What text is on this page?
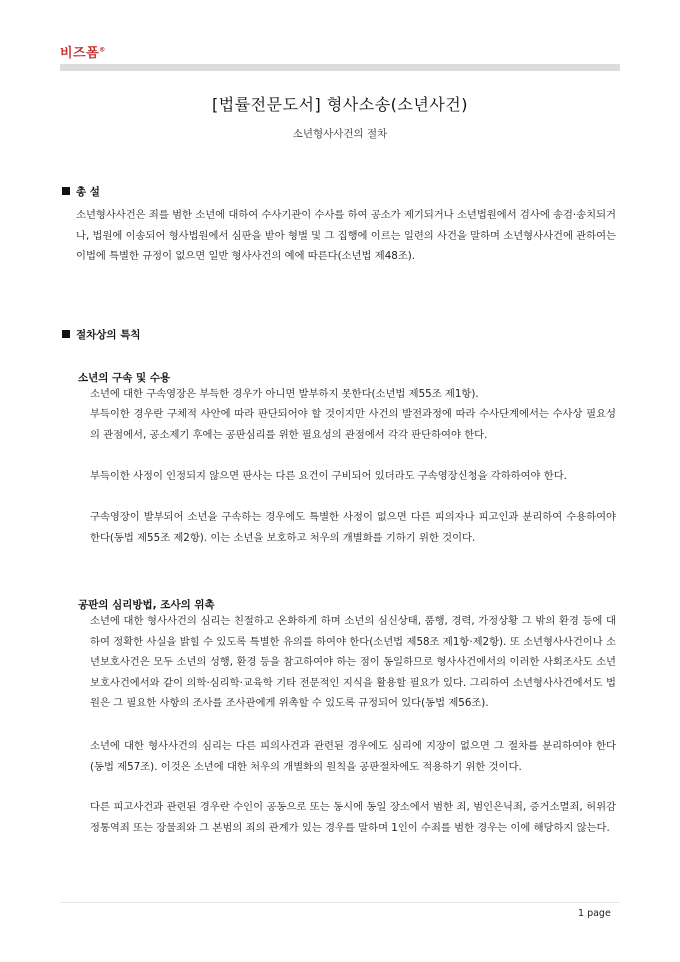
비즈폼®
[법률전문도서] 형사소송(소년사건)
소년형사사건의 절차
총 설
소년형사사건은 죄를 범한 소년에 대하여 수사기관이 수사를 하여 공소가 제기되거나 소년법원에서 검사에 송검·송치되거나, 법원에 이송되어 형사법원에서 심판을 받아 형벌 및 그 집행에 이르는 일련의 사건을 말하며 소년형사사건에 관하여는 이법에 특별한 규정이 없으면 일반 형사사건의 예에 따른다(소년법 제48조).
절차상의 특칙
소년의 구속 및 수용
소년에 대한 구속영장은 부득한 경우가 아니면 발부하지 못한다(소년법 제55조 제1항).
부득이한 경우란 구체적 사안에 따라 판단되어야 할 것이지만 사건의 발전과정에 따라 수사단계에서는 수사상 필요성의 관점에서, 공소제기 후에는 공판심리를 위한 필요성의 관점에서 각각 판단하여야 한다.
부득이한 사정이 인정되지 않으면 판사는 다른 요건이 구비되어 있더라도 구속영장신청을 각하하여야 한다.
구속영장이 발부되어 소년을 구속하는 경우에도 특별한 사정이 없으면 다른 피의자나 피고인과 분리하여 수용하여야 한다(동법 제55조 제2항). 이는 소년을 보호하고 처우의 개별화를 기하기 위한 것이다.
공판의 심리방법, 조사의 위촉
소년에 대한 형사사건의 심리는 친절하고 온화하게 하며 소년의 심신상태, 품행, 경력, 가정상황 그 밖의 환경 등에 대하여 정확한 사실을 밝힐 수 있도록 특별한 유의를 하여야 한다(소년법 제58조 제1항·제2항). 또 소년형사사건이나 소년보호사건은 모두 소년의 성행, 환경 등을 참고하여야 하는 점이 동일하므로 형사사건에서의 이러한 사회조사도 소년보호사건에서와 같이 의학·심리학·교육학 기타 전문적인 지식을 활용할 필요가 있다. 그리하여 소년형사사건에서도 법원은 그 필요한 사항의 조사를 조사관에게 위촉할 수 있도록 규정되어 있다(동법 제56조).
소년에 대한 형사사건의 심리는 다른 피의사건과 관련된 경우에도 심리에 지장이 없으면 그 절차를 분리하여야 한다(동법 제57조). 이것은 소년에 대한 처우의 개별화의 원칙을 공판절차에도 적용하기 위한 것이다.
다른 피고사건과 관련된 경우란 수인이 공동으로 또는 동시에 동일 장소에서 범한 죄, 범인은닉죄, 증거소멸죄, 허위감정통역죄 또는 장물죄와 그 본범의 죄의 관계가 있는 경우를 말하며 1인이 수죄를 범한 경우는 이에 해당하지 않는다.
1 page
